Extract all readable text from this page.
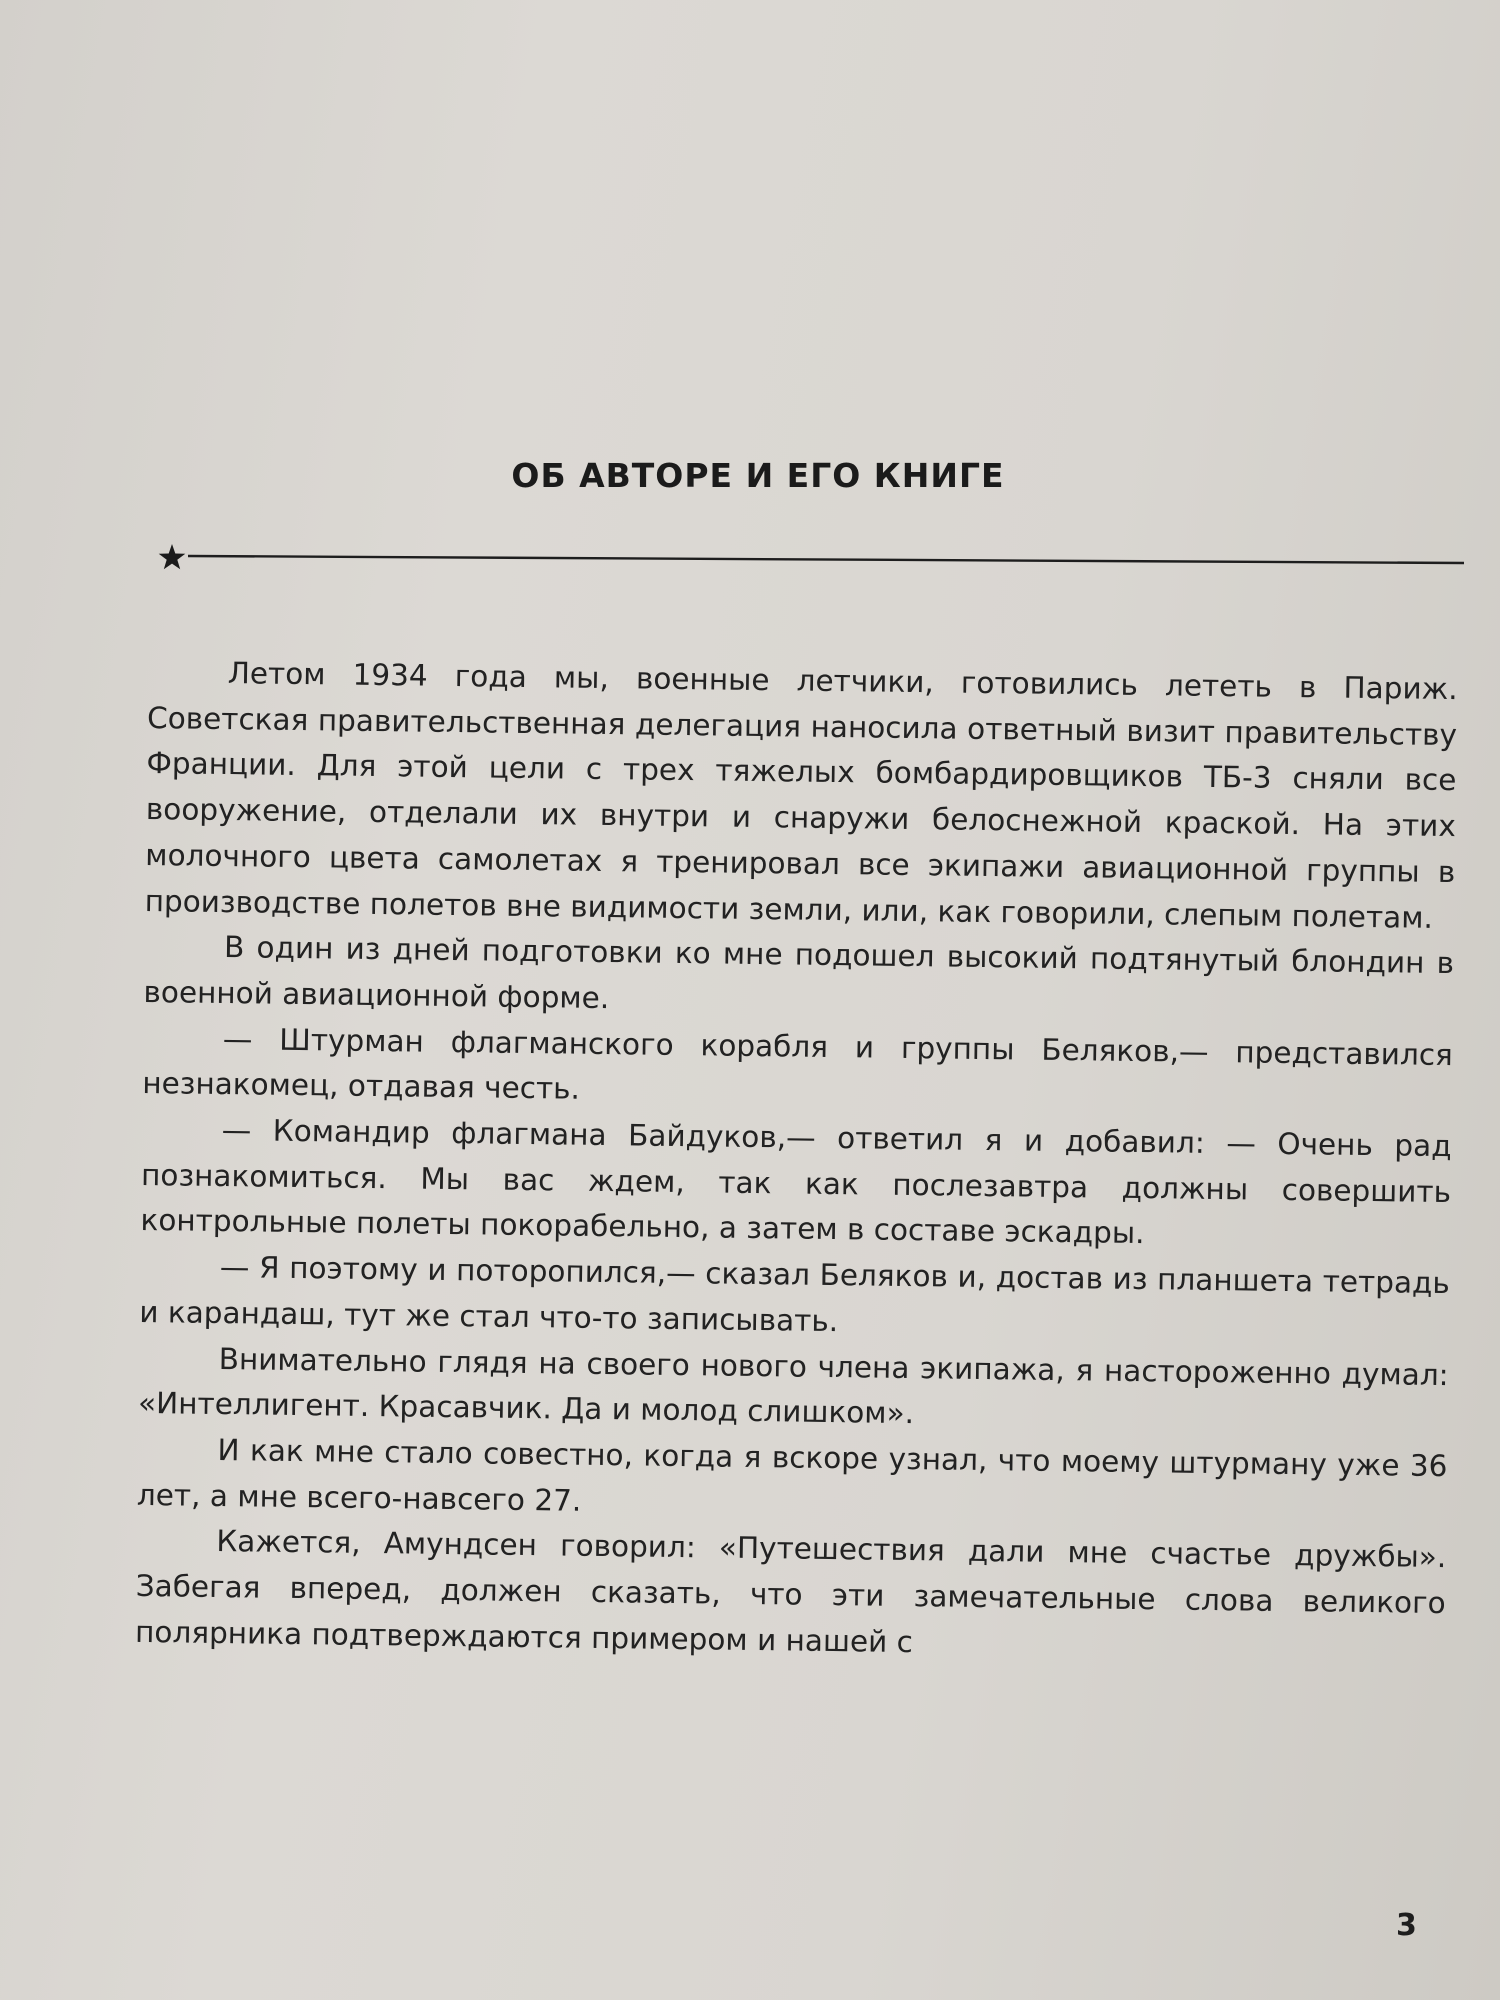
ОБ АВТОРЕ И ЕГО КНИГЕ

Летом 1934 года мы, военные летчики, готовились лететь в Париж. Советская правительственная делегация наносила ответный визит правительству Франции. Для этой цели с трех тяжелых бомбардировщиков ТБ-3 сняли все вооружение, отделали их внутри и снаружи белоснежной краской. На этих молочного цвета самолетах я тренировал все экипажи авиационной группы в производстве полетов вне видимости земли, или, как говорили, слепым полетам.

В один из дней подготовки ко мне подошел высокий подтянутый блондин в военной авиационной форме.

— Штурман флагманского корабля и группы Беляков,— представился незнакомец, отдавая честь.

— Командир флагмана Байдуков,— ответил я и добавил: — Очень рад познакомиться. Мы вас ждем, так как послезавтра должны совершить контрольные полеты покорабельно, а затем в составе эскадры.

— Я поэтому и поторопился,— сказал Беляков и, достав из планшета тетрадь и карандаш, тут же стал что-то записывать.

Внимательно глядя на своего нового члена экипажа, я настороженно думал: «Интеллигент. Красавчик. Да и молод слишком».

И как мне стало совестно, когда я вскоре узнал, что моему штурману уже 36 лет, а мне всего-навсего 27.

Кажется, Амундсен говорил: «Путешествия дали мне счастье дружбы». Забегая вперед, должен сказать, что эти замечательные слова великого полярника подтверждаются примером и нашей с

3
